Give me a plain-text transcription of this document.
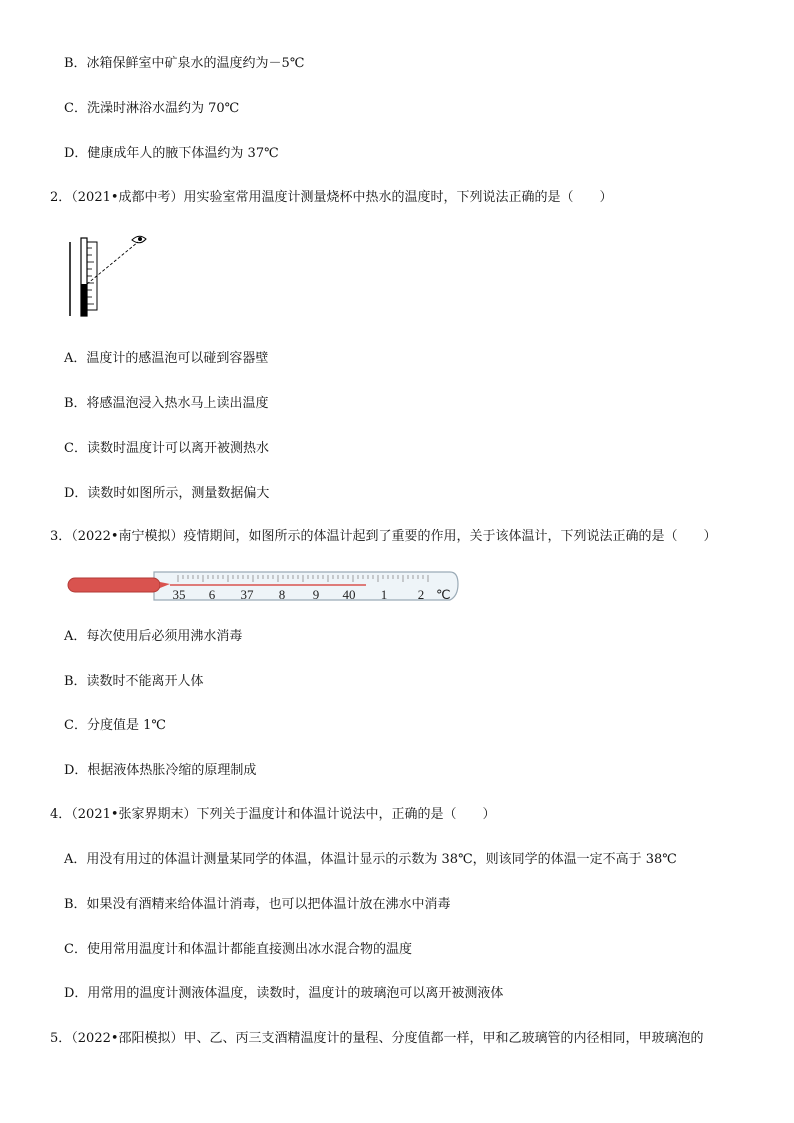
B．冰箱保鲜室中矿泉水的温度约为－5℃
C．洗澡时淋浴水温约为 70℃
D．健康成年人的腋下体温约为 37℃
2．（2021•成都中考）用实验室常用温度计测量烧杯中热水的温度时，下列说法正确的是（　　）
A．温度计的感温泡可以碰到容器壁
B．将感温泡浸入热水马上读出温度
C．读数时温度计可以离开被测热水
D．读数时如图所示，测量数据偏大
3．（2022•南宁模拟）疫情期间，如图所示的体温计起到了重要的作用，关于该体温计，下列说法正确的是（　　）
35 6 37 8 9 40 1 2 ℃
A．每次使用后必须用沸水消毒
B．读数时不能离开人体
C．分度值是 1℃
D．根据液体热胀冷缩的原理制成
4．（2021•张家界期末）下列关于温度计和体温计说法中，正确的是（　　）
A．用没有用过的体温计测量某同学的体温，体温计显示的示数为 38℃，则该同学的体温一定不高于 38℃
B．如果没有酒精来给体温计消毒，也可以把体温计放在沸水中消毒
C．使用常用温度计和体温计都能直接测出冰水混合物的温度
D．用常用的温度计测液体温度，读数时，温度计的玻璃泡可以离开被测液体
5．（2022•邵阳模拟）甲、乙、丙三支酒精温度计的量程、分度值都一样，甲和乙玻璃管的内径相同，甲玻璃泡的
